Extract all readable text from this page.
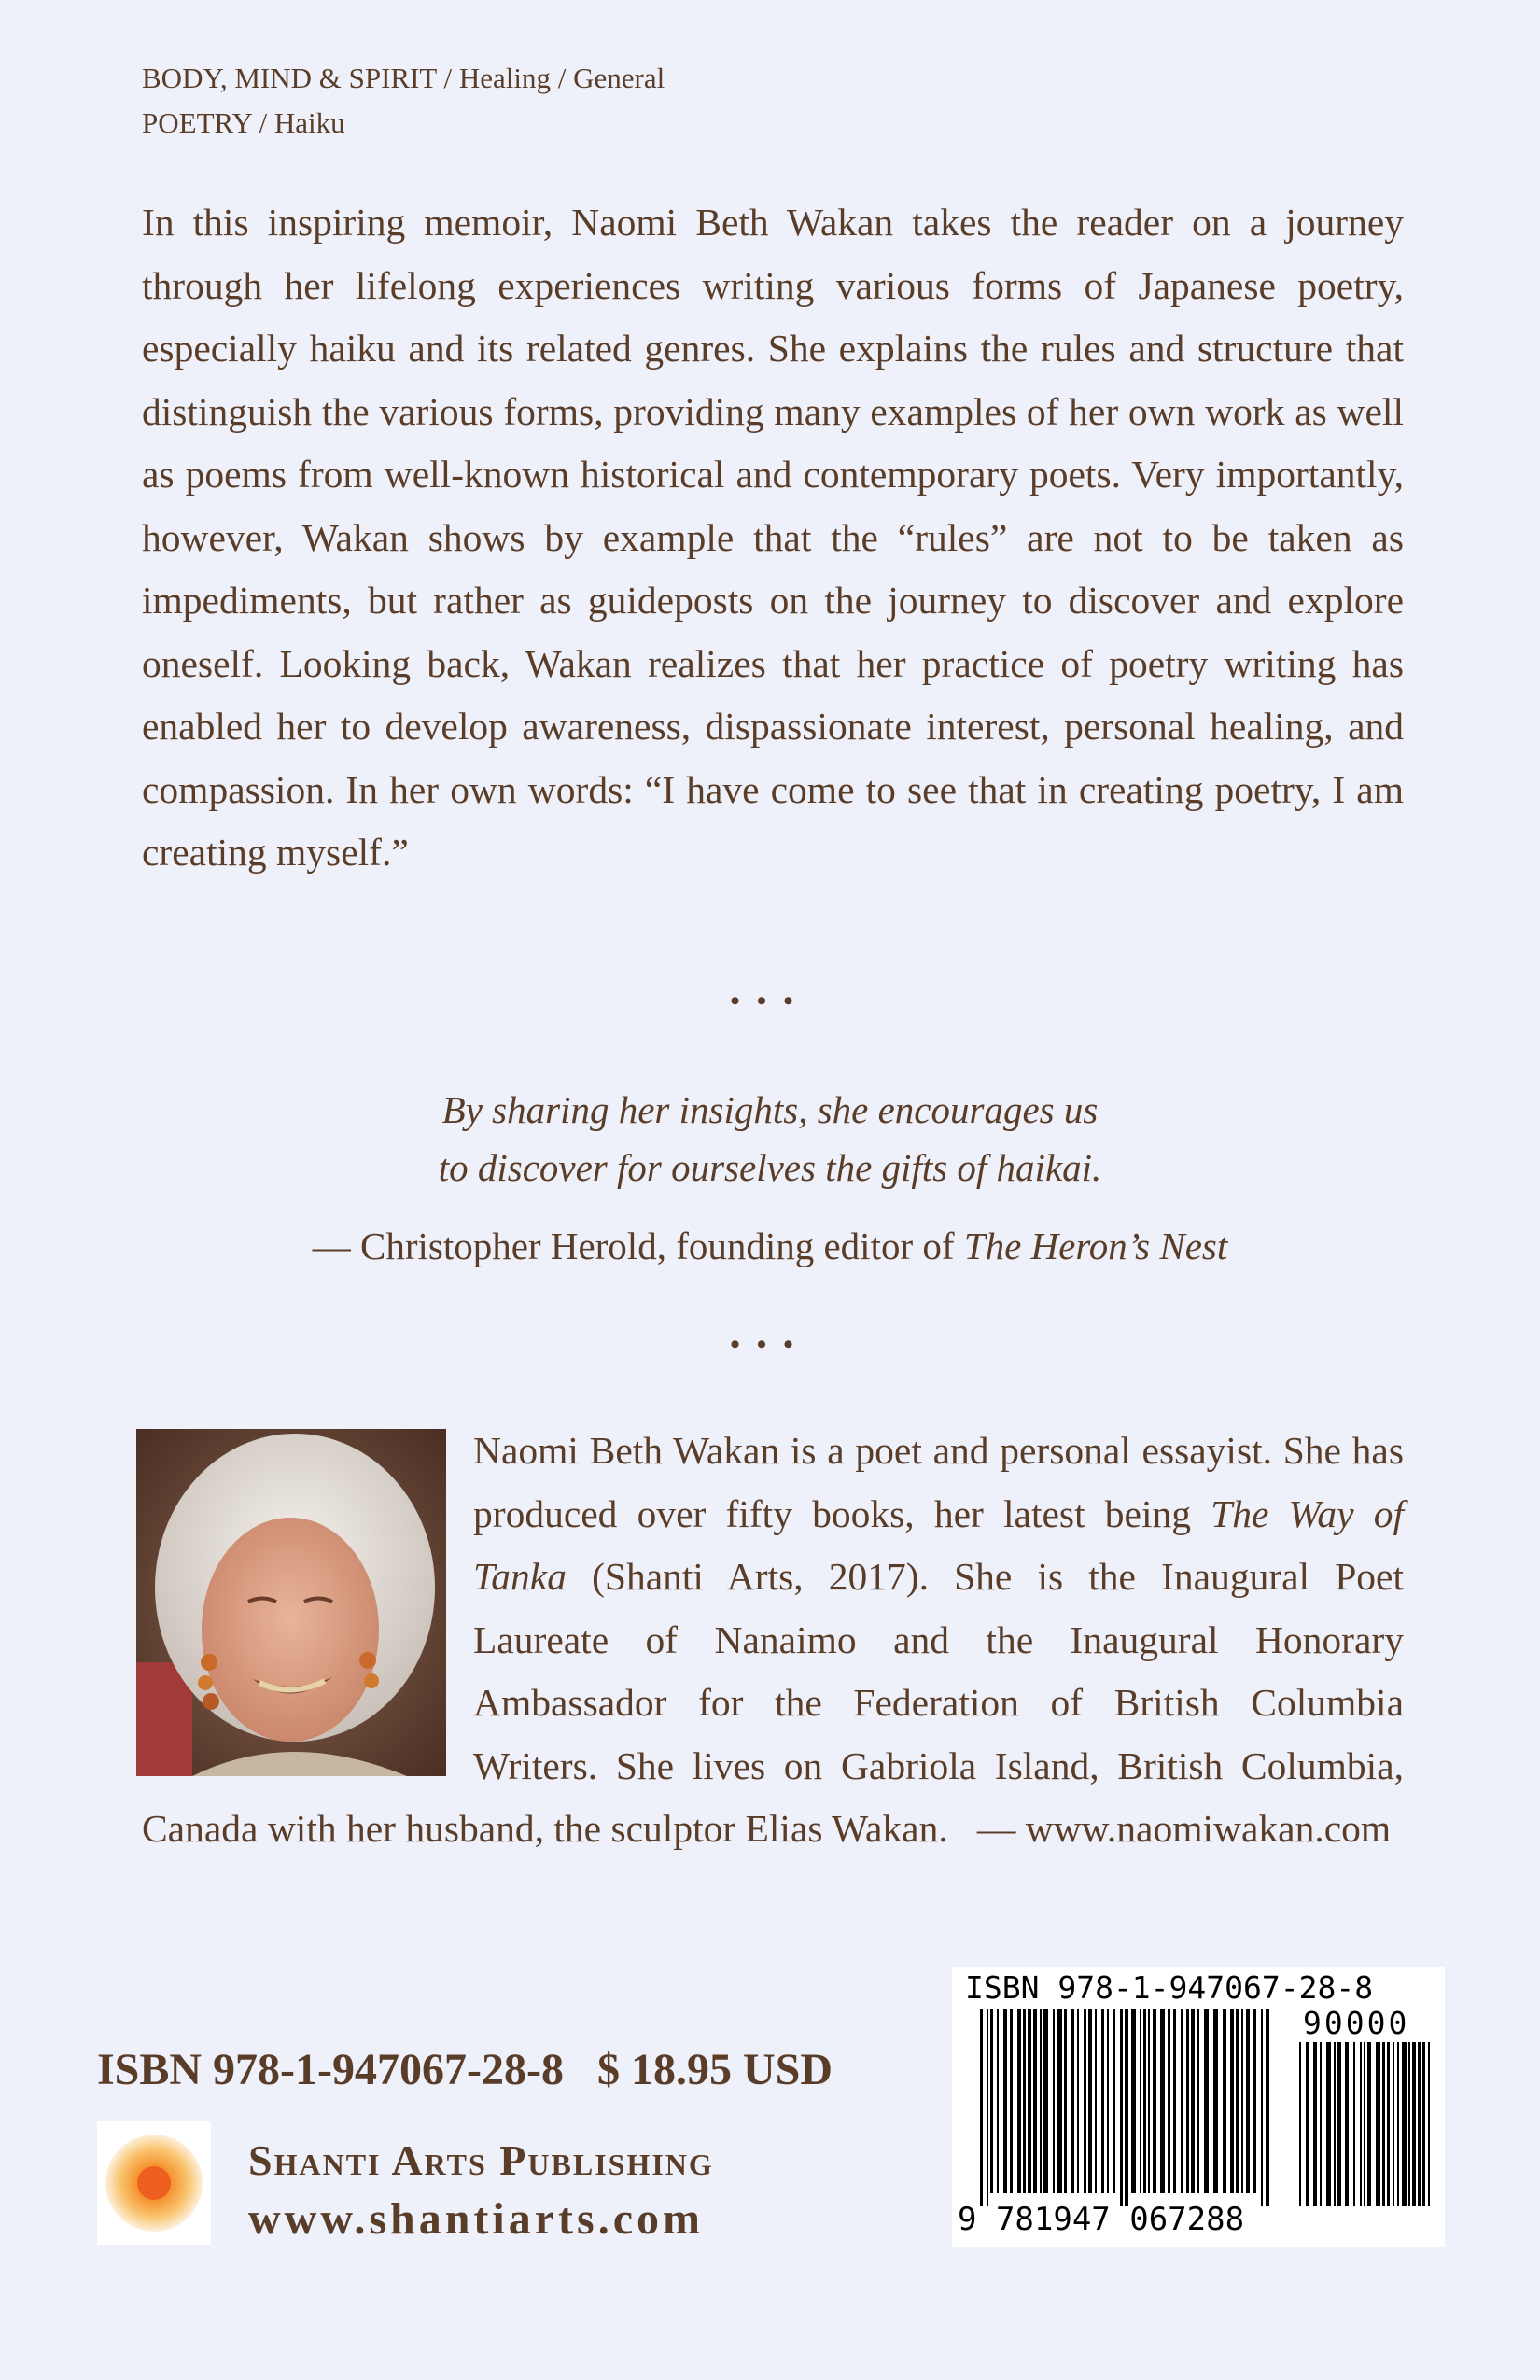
BODY, MIND & SPIRIT / Healing / General
POETRY / Haiku

In this inspiring memoir, Naomi Beth Wakan takes the reader on a journey through her lifelong experiences writing various forms of Japanese poetry, especially haiku and its related genres. She explains the rules and structure that distinguish the various forms, providing many examples of her own work as well as poems from well-known historical and contemporary poets. Very importantly, however, Wakan shows by example that the “rules” are not to be taken as impediments, but rather as guideposts on the journey to discover and explore oneself. Looking back, Wakan realizes that her practice of poetry writing has enabled her to develop awareness, dispassionate interest, personal healing, and compassion. In her own words: “I have come to see that in creating poetry, I am creating myself.”

•••
By sharing her insights, she encourages us
to discover for ourselves the gifts of haikai.
— Christopher Herold, founding editor of The Heron’s Nest
•••

Naomi Beth Wakan is a poet and personal essayist. She has produced over fifty books, her latest being The Way of Tanka (Shanti Arts, 2017). She is the Inaugural Poet Laureate of Nanaimo and the Inaugural Honorary Ambassador for the Federation of British Columbia Writers. She lives on Gabriola Island, British Columbia, Canada with her husband, the sculptor Elias Wakan.   — www.naomiwakan.com

ISBN 978-1-947067-28-8   $ 18.95 USD
Shanti Arts Publishing
www.shantiarts.com
ISBN 978-1-947067-28-8
90000
9 781947 067288
